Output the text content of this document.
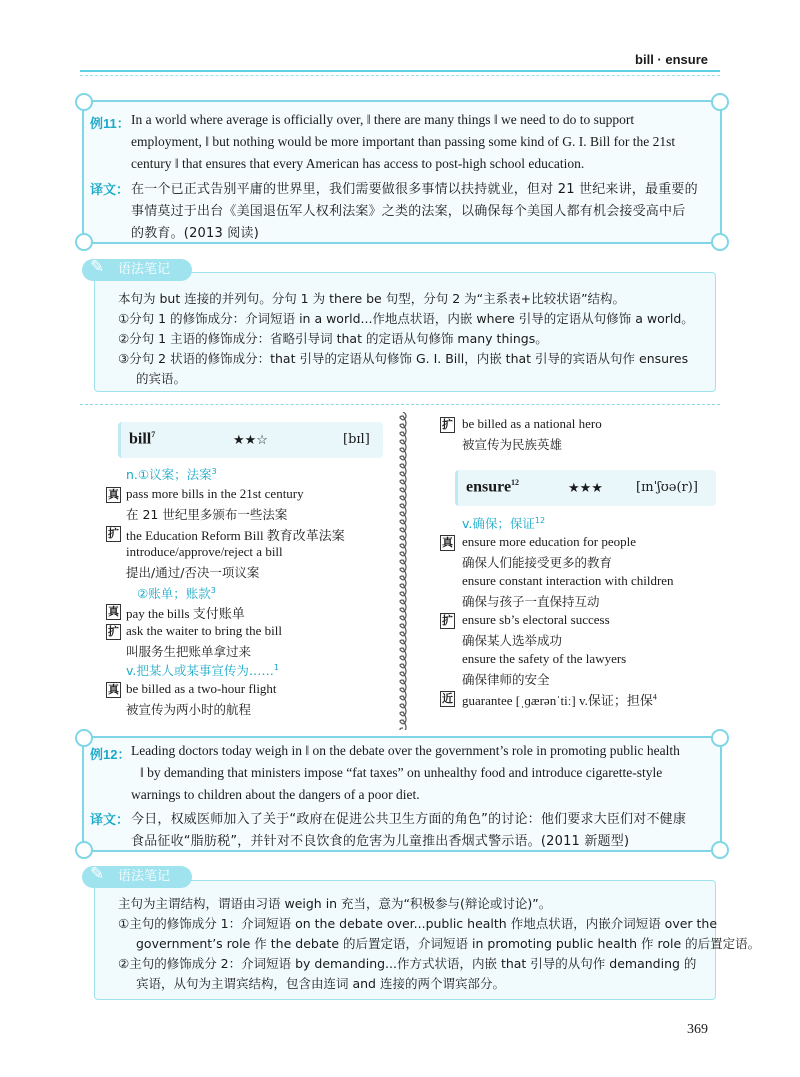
bill · ensure
例11： In a world where average is officially over, ‖ there are many things ‖ we need to do to support
employment, ‖ but nothing would be more important than passing some kind of G. I. Bill for the 21st
century ‖ that ensures that every American has access to post-high school education.
译文： 在一个已正式告别平庸的世界里，我们需要做很多事情以扶持就业，但对 21 世纪来讲，最重要的
事情莫过于出台《美国退伍军人权利法案》之类的法案，以确保每个美国人都有机会接受高中后
的教育。(2013 阅读)
✎ 语法笔记
本句为 but 连接的并列句。分句 1 为 there be 句型，分句 2 为“主系表+比较状语”结构。
①分句 1 的修饰成分：介词短语 in a world...作地点状语，内嵌 where 引导的定语从句修饰 a world。
②分句 1 主语的修饰成分：省略引导词 that 的定语从句修饰 many things。
③分句 2 状语的修饰成分：that 引导的定语从句修饰 G. I. Bill，内嵌 that 引导的宾语从句作 ensures
的宾语。
bill$^7$	★★☆	[bɪl]
n.①议案；法案$^3$
真 pass more bills in the 21st century
在 21 世纪里多颁布一些法案
扩 the Education Reform Bill 教育改革法案
introduce/approve/reject a bill
提出/通过/否决一项议案
②账单；账款$^3$
真 pay the bills 支付账单
扩 ask the waiter to bring the bill
叫服务生把账单拿过来
v.把某人或某事宣传为……$^1$
真 be billed as a two-hour flight
被宣传为两小时的航程
扩 be billed as a national hero
被宣传为民族英雄
ensure$^{12}$	★★★	[ɪnˈʃʊə(r)]
v.确保；保证$^{12}$
真 ensure more education for people
确保人们能接受更多的教育
ensure constant interaction with children
确保与孩子一直保持互动
扩 ensure sb’s electoral success
确保某人选举成功
ensure the safety of the lawyers
确保律师的安全
近 guarantee [ˌɡærənˈtiː] v.保证；担保$^4$
例12： Leading doctors today weigh in ‖ on the debate over the government’s role in promoting public health
‖ by demanding that ministers impose “fat taxes” on unhealthy food and introduce cigarette-style
warnings to children about the dangers of a poor diet.
译文： 今日，权威医师加入了关于“政府在促进公共卫生方面的角色”的讨论：他们要求大臣们对不健康
食品征收“脂肪税”，并针对不良饮食的危害为儿童推出香烟式警示语。(2011 新题型)
✎ 语法笔记
主句为主谓结构，谓语由习语 weigh in 充当，意为“积极参与(辩论或讨论)”。
①主句的修饰成分 1：介词短语 on the debate over...public health 作地点状语，内嵌介词短语 over the
government’s role 作 the debate 的后置定语，介词短语 in promoting public health 作 role 的后置定语。
②主句的修饰成分 2：介词短语 by demanding...作方式状语，内嵌 that 引导的从句作 demanding 的
宾语，从句为主谓宾结构，包含由连词 and 连接的两个谓宾部分。
369
